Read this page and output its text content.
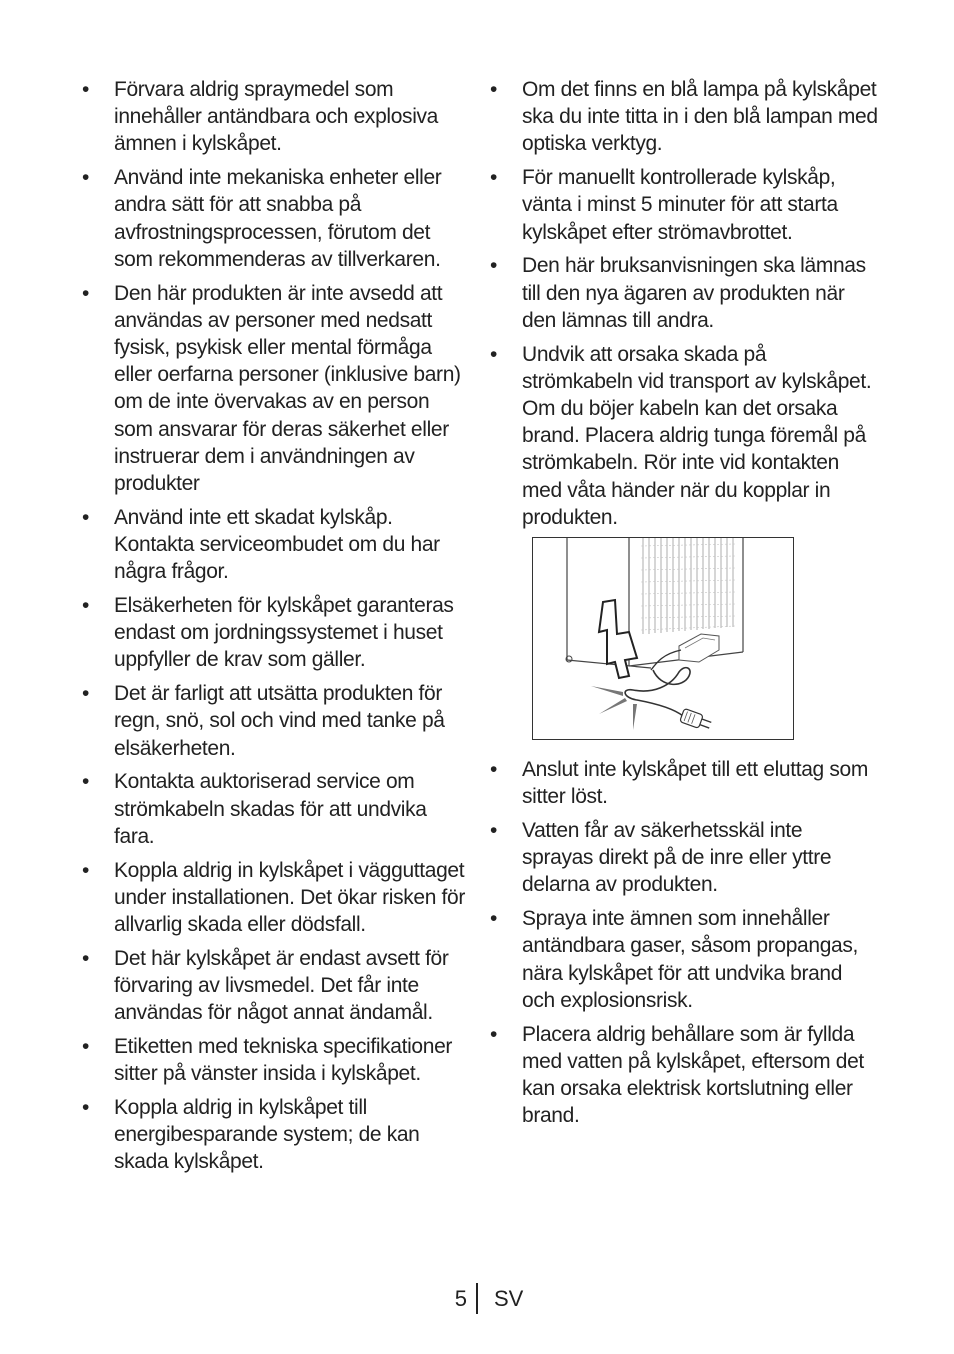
•	Förvara aldrig spraymedel som innehåller antändbara och explosiva ämnen i kylskåpet.
•	Använd inte mekaniska enheter eller andra sätt för att snabba på avfrostningsprocessen, förutom det som rekommenderas av tillverkaren.
•	Den här produkten är inte avsedd att användas av personer med nedsatt fysisk, psykisk eller mental förmåga eller oerfarna personer (inklusive barn) om de inte övervakas av en person som ansvarar för deras säkerhet eller instruerar dem i användningen av produkter
•	Använd inte ett skadat kylskåp. Kontakta serviceombudet om du har några frågor.
•	Elsäkerheten för kylskåpet garanteras endast om jordningssystemet i huset uppfyller de krav som gäller.
•	Det är farligt att utsätta produkten för regn, snö, sol och vind med tanke på elsäkerheten.
•	Kontakta auktoriserad service om strömkabeln skadas för att undvika fara.
•	Koppla aldrig in kylskåpet i vägguttaget under installationen. Det ökar risken för allvarlig skada eller dödsfall.
•	Det här kylskåpet är endast avsett för förvaring av livsmedel. Det får inte användas för något annat ändamål.
•	Etiketten med tekniska specifikationer sitter på vänster insida i kylskåpet.
•	Koppla aldrig in kylskåpet till energibesparande system; de kan skada kylskåpet.
•	Om det finns en blå lampa på kylskåpet ska du inte titta in i den blå lampan med optiska verktyg.
•	För manuellt kontrollerade kylskåp, vänta i minst 5 minuter för att starta kylskåpet efter strömavbrottet.
•	Den här bruksanvisningen ska lämnas till den nya ägaren av produkten när den lämnas till andra.
•	Undvik att orsaka skada på strömkabeln vid transport av kylskåpet. Om du böjer kabeln kan det orsaka brand. Placera aldrig tunga föremål på strömkabeln. Rör inte vid kontakten med våta händer när du kopplar in produkten.
•	Anslut inte kylskåpet till ett eluttag som sitter löst.
•	Vatten får av säkerhetsskäl inte sprayas direkt på de inre eller yttre delarna av produkten.
•	Spraya inte ämnen som innehåller antändbara gaser, såsom propangas, nära kylskåpet för att undvika brand och explosionsrisk.
•	Placera aldrig behållare som är fyllda med vatten på kylskåpet, eftersom det kan orsaka elektrisk kortslutning eller brand.
5 SV
